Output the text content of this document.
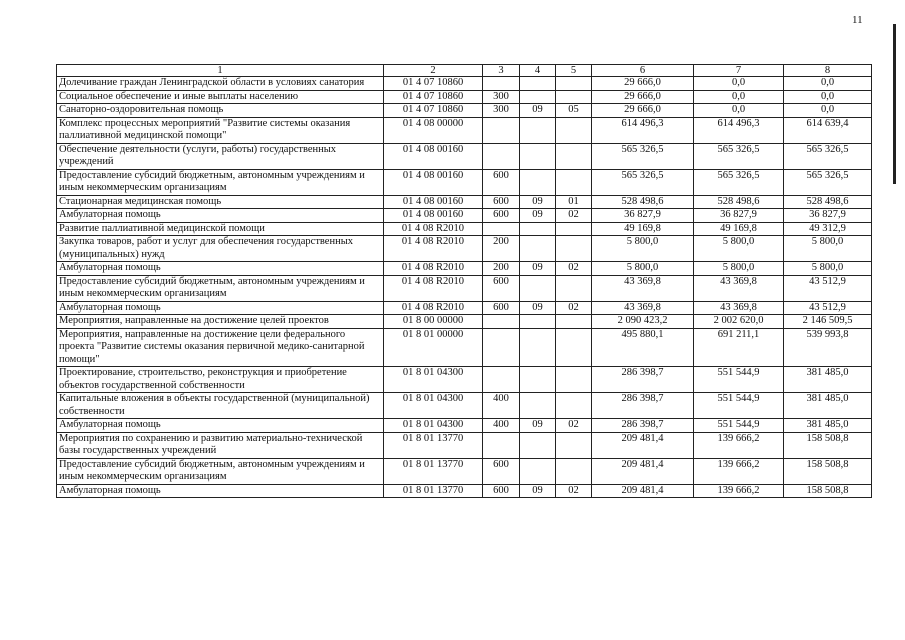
11
1	2	3	4	5	6	7	8
Долечивание граждан Ленинградской области в условиях санатория	01 4 07 10860				29 666,0	0,0	0,0
Социальное обеспечение и иные выплаты населению	01 4 07 10860	300			29 666,0	0,0	0,0
Санаторно-оздоровительная помощь	01 4 07 10860	300	09	05	29 666,0	0,0	0,0
Комплекс процессных мероприятий "Развитие системы оказания паллиативной медицинской помощи"	01 4 08 00000				614 496,3	614 496,3	614 639,4
Обеспечение деятельности (услуги, работы) государственных учреждений	01 4 08 00160				565 326,5	565 326,5	565 326,5
Предоставление субсидий бюджетным, автономным учреждениям и иным некоммерческим организациям	01 4 08 00160	600			565 326,5	565 326,5	565 326,5
Стационарная медицинская помощь	01 4 08 00160	600	09	01	528 498,6	528 498,6	528 498,6
Амбулаторная помощь	01 4 08 00160	600	09	02	36 827,9	36 827,9	36 827,9
Развитие паллиативной медицинской помощи	01 4 08 R2010				49 169,8	49 169,8	49 312,9
Закупка товаров, работ и услуг для обеспечения государственных (муниципальных) нужд	01 4 08 R2010	200			5 800,0	5 800,0	5 800,0
Амбулаторная помощь	01 4 08 R2010	200	09	02	5 800,0	5 800,0	5 800,0
Предоставление субсидий бюджетным, автономным учреждениям и иным некоммерческим организациям	01 4 08 R2010	600			43 369,8	43 369,8	43 512,9
Амбулаторная помощь	01 4 08 R2010	600	09	02	43 369,8	43 369,8	43 512,9
Мероприятия, направленные на достижение целей проектов	01 8 00 00000				2 090 423,2	2 002 620,0	2 146 509,5
Мероприятия, направленные на достижение цели федерального проекта "Развитие системы оказания первичной медико-санитарной помощи"	01 8 01 00000				495 880,1	691 211,1	539 993,8
Проектирование, строительство, реконструкция и приобретение объектов государственной собственности	01 8 01 04300				286 398,7	551 544,9	381 485,0
Капитальные вложения в объекты государственной (муниципальной) собственности	01 8 01 04300	400			286 398,7	551 544,9	381 485,0
Амбулаторная помощь	01 8 01 04300	400	09	02	286 398,7	551 544,9	381 485,0
Мероприятия по сохранению и развитию материально-технической базы государственных учреждений	01 8 01 13770				209 481,4	139 666,2	158 508,8
Предоставление субсидий бюджетным, автономным учреждениям и иным некоммерческим организациям	01 8 01 13770	600			209 481,4	139 666,2	158 508,8
Амбулаторная помощь	01 8 01 13770	600	09	02	209 481,4	139 666,2	158 508,8
